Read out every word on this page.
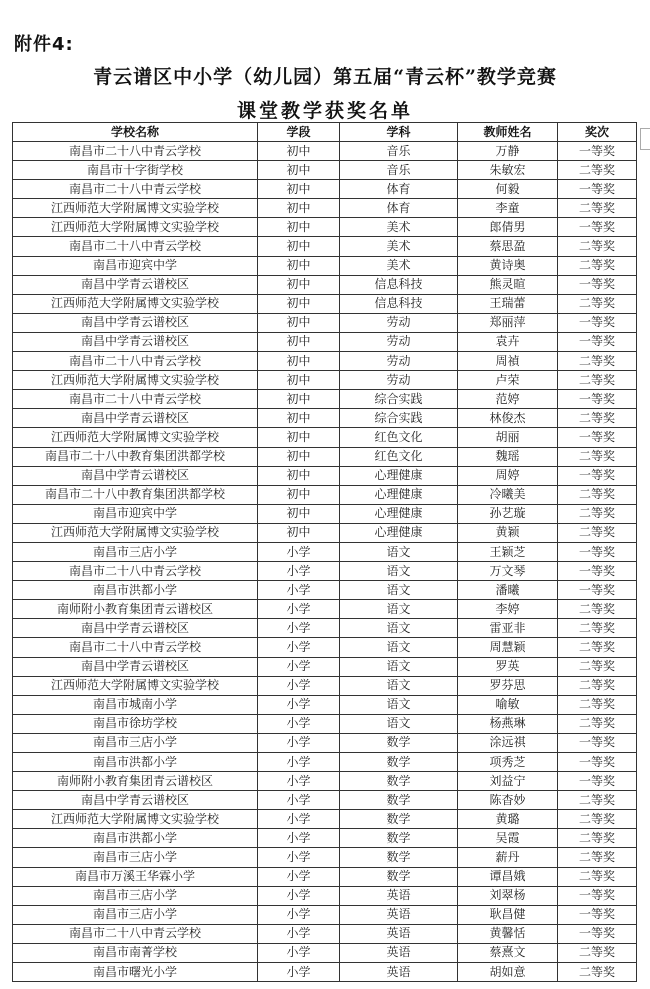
附件4:
青云谱区中小学（幼儿园）第五届“青云杯”教学竞赛
课堂教学获奖名单
学校名称	学段	学科	教师姓名	奖次
南昌市二十八中青云学校	初中	音乐	万静	一等奖
南昌市十字街学校	初中	音乐	朱敏宏	二等奖
南昌市二十八中青云学校	初中	体育	何毅	一等奖
江西师范大学附属博文实验学校	初中	体育	李童	二等奖
江西师范大学附属博文实验学校	初中	美术	郎倩男	一等奖
南昌市二十八中青云学校	初中	美术	蔡思盈	二等奖
南昌市迎宾中学	初中	美术	黄诗奥	二等奖
南昌中学青云谱校区	初中	信息科技	熊灵暄	一等奖
江西师范大学附属博文实验学校	初中	信息科技	王瑞蕾	二等奖
南昌中学青云谱校区	初中	劳动	郑丽萍	一等奖
南昌中学青云谱校区	初中	劳动	袁卉	一等奖
南昌市二十八中青云学校	初中	劳动	周禎	二等奖
江西师范大学附属博文实验学校	初中	劳动	卢荣	二等奖
南昌市二十八中青云学校	初中	综合实践	范婷	一等奖
南昌中学青云谱校区	初中	综合实践	林俊杰	二等奖
江西师范大学附属博文实验学校	初中	红色文化	胡丽	一等奖
南昌市二十八中教育集团洪都学校	初中	红色文化	魏瑶	二等奖
南昌中学青云谱校区	初中	心理健康	周婷	一等奖
南昌市二十八中教育集团洪都学校	初中	心理健康	冷曦美	二等奖
南昌市迎宾中学	初中	心理健康	孙艺璇	二等奖
江西师范大学附属博文实验学校	初中	心理健康	黄颖	二等奖
南昌市三店小学	小学	语文	王颖芝	一等奖
南昌市二十八中青云学校	小学	语文	万文琴	一等奖
南昌市洪都小学	小学	语文	潘曦	一等奖
南师附小教育集团青云谱校区	小学	语文	李婷	二等奖
南昌中学青云谱校区	小学	语文	雷亚非	二等奖
南昌市二十八中青云学校	小学	语文	周慧颖	二等奖
南昌中学青云谱校区	小学	语文	罗英	二等奖
江西师范大学附属博文实验学校	小学	语文	罗芬思	二等奖
南昌市城南小学	小学	语文	喻敏	二等奖
南昌市徐坊学校	小学	语文	杨燕琳	二等奖
南昌市三店小学	小学	数学	涂远祺	一等奖
南昌市洪都小学	小学	数学	项秀芝	一等奖
南师附小教育集团青云谱校区	小学	数学	刘益宁	一等奖
南昌中学青云谱校区	小学	数学	陈杳妙	二等奖
江西师范大学附属博文实验学校	小学	数学	黄璐	二等奖
南昌市洪都小学	小学	数学	吴霞	二等奖
南昌市三店小学	小学	数学	薪丹	二等奖
南昌市万溪王华霖小学	小学	数学	谭昌娥	二等奖
南昌市三店小学	小学	英语	刘翠杨	一等奖
南昌市三店小学	小学	英语	耿昌健	一等奖
南昌市二十八中青云学校	小学	英语	黄馨恬	一等奖
南昌市南菁学校	小学	英语	蔡熹文	二等奖
南昌市曙光小学	小学	英语	胡如意	二等奖
